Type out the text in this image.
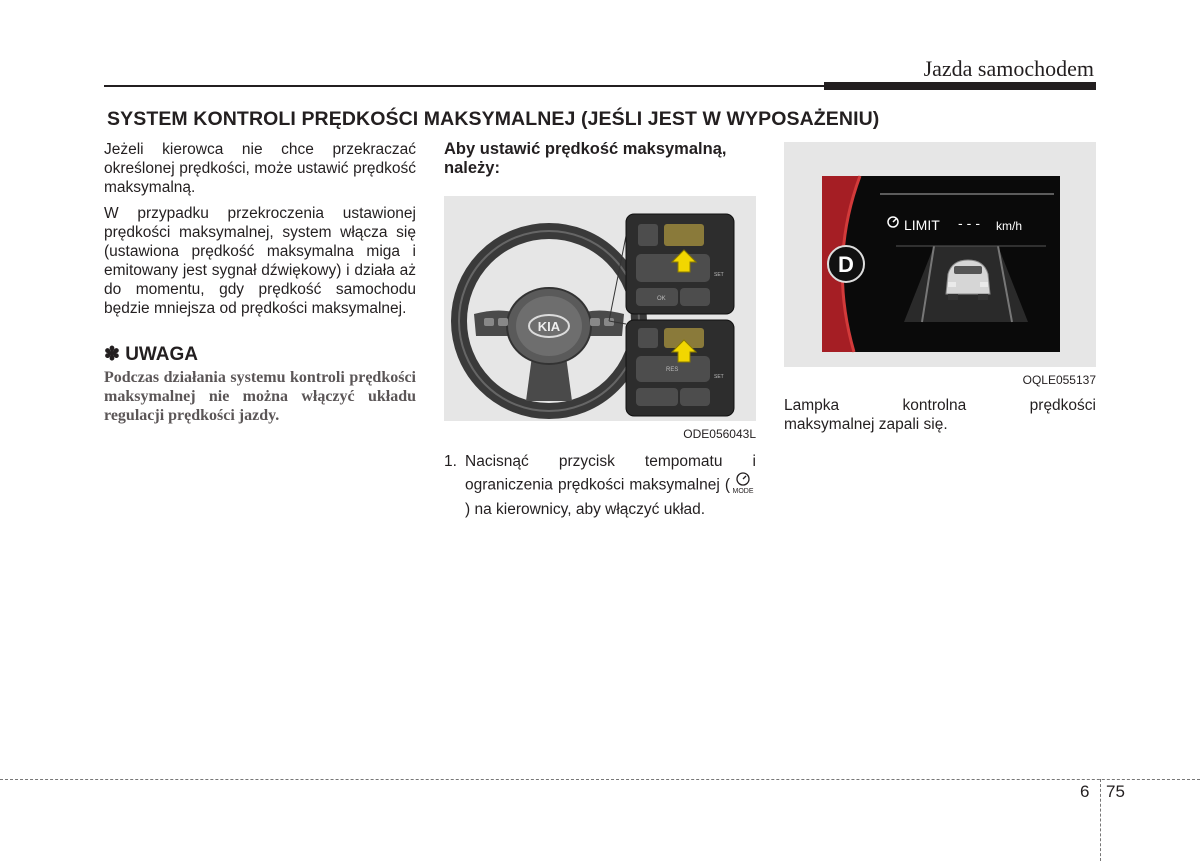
Jazda samochodem
SYSTEM KONTROLI PRĘDKOŚCI MAKSYMALNEJ (JEŚLI JEST W WYPOSAŻENIU)

Jeżeli kierowca nie chce przekraczać określonej prędkości, może ustawić prędkość maksymalną.

W przypadku przekroczenia ustawionej prędkości maksymalnej, system włącza się (ustawiona prędkość maksymalna miga i emitowany jest sygnał dźwiękowy) i działa aż do momentu, gdy prędkość samochodu będzie mniejsza od prędkości maksymalnej.

✽ UWAGA
Podczas działania systemu kontroli prędkości maksymalnej nie można włączyć układu regulacji prędkości jazdy.
Aby ustawić prędkość maksymalną, należy:
KIA
OK
SET
RES
SET
ODE056043L
1. Nacisnąć przycisk tempomatu i ograniczenia prędkości maksymalnej ( MODE
) na kierownicy, aby włączyć układ.
D
LIMIT --- km/h
OQLE055137
Lampka kontrolna prędkości
maksymalnej zapali się.
6 75
